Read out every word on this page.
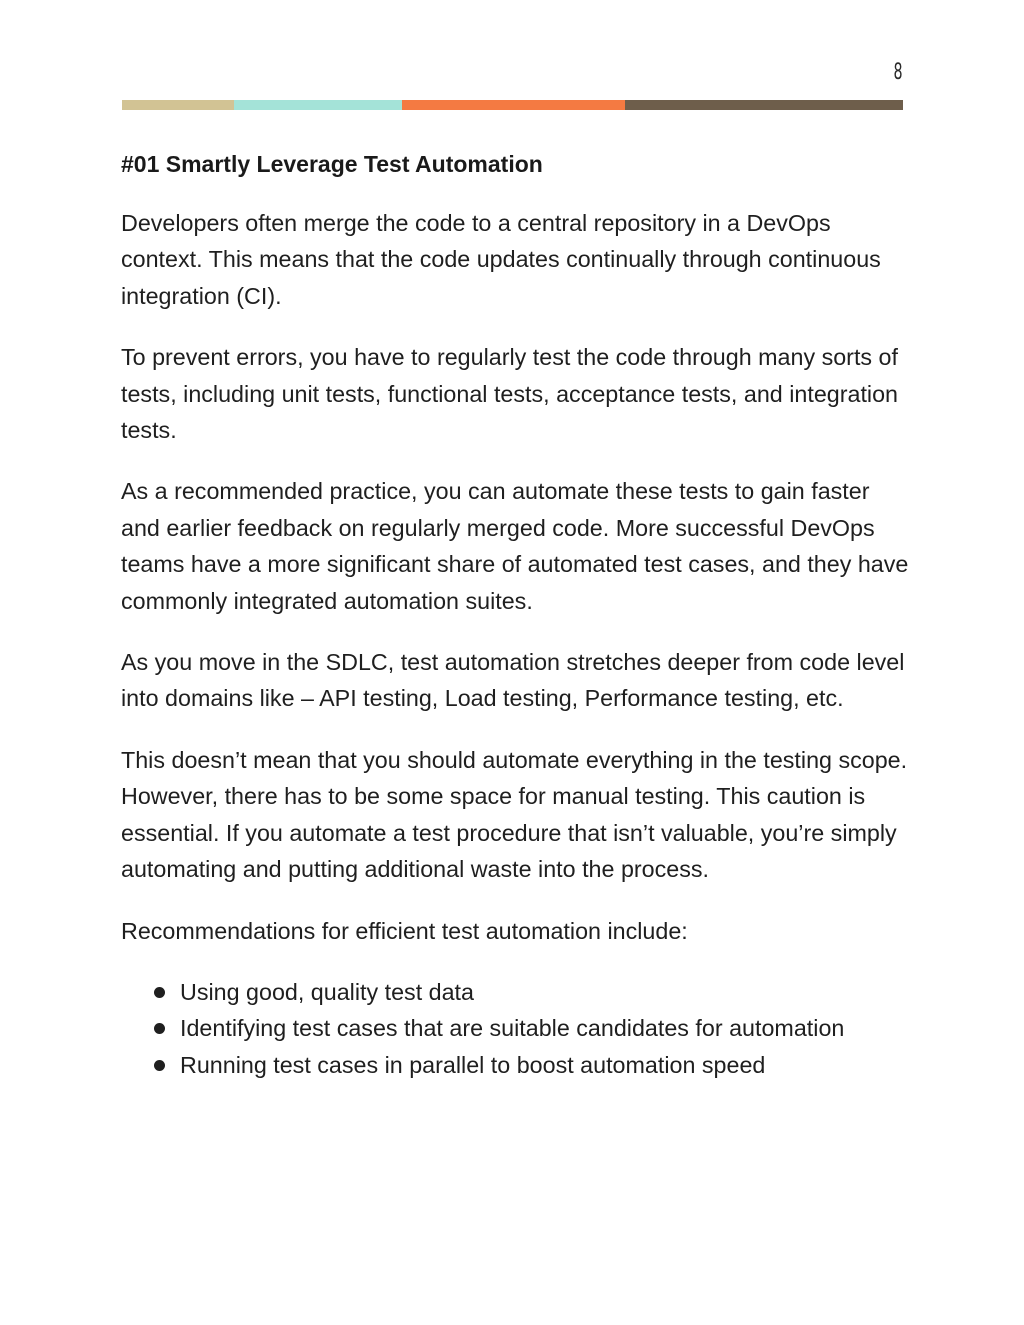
8
#01 Smartly Leverage Test Automation

Developers often merge the code to a central repository in a DevOps context. This means that the code updates continually through continuous integration (CI).

To prevent errors, you have to regularly test the code through many sorts of tests, including unit tests, functional tests, acceptance tests, and integration tests.

As a recommended practice, you can automate these tests to gain faster and earlier feedback on regularly merged code. More successful DevOps teams have a more significant share of automated test cases, and they have commonly integrated automation suites.

As you move in the SDLC, test automation stretches deeper from code level into domains like – API testing, Load testing, Performance testing, etc.

This doesn’t mean that you should automate everything in the testing scope. However, there has to be some space for manual testing. This caution is essential. If you automate a test procedure that isn’t valuable, you’re simply automating and putting additional waste into the process.

Recommendations for efficient test automation include:

Using good, quality test data
Identifying test cases that are suitable candidates for automation
Running test cases in parallel to boost automation speed
